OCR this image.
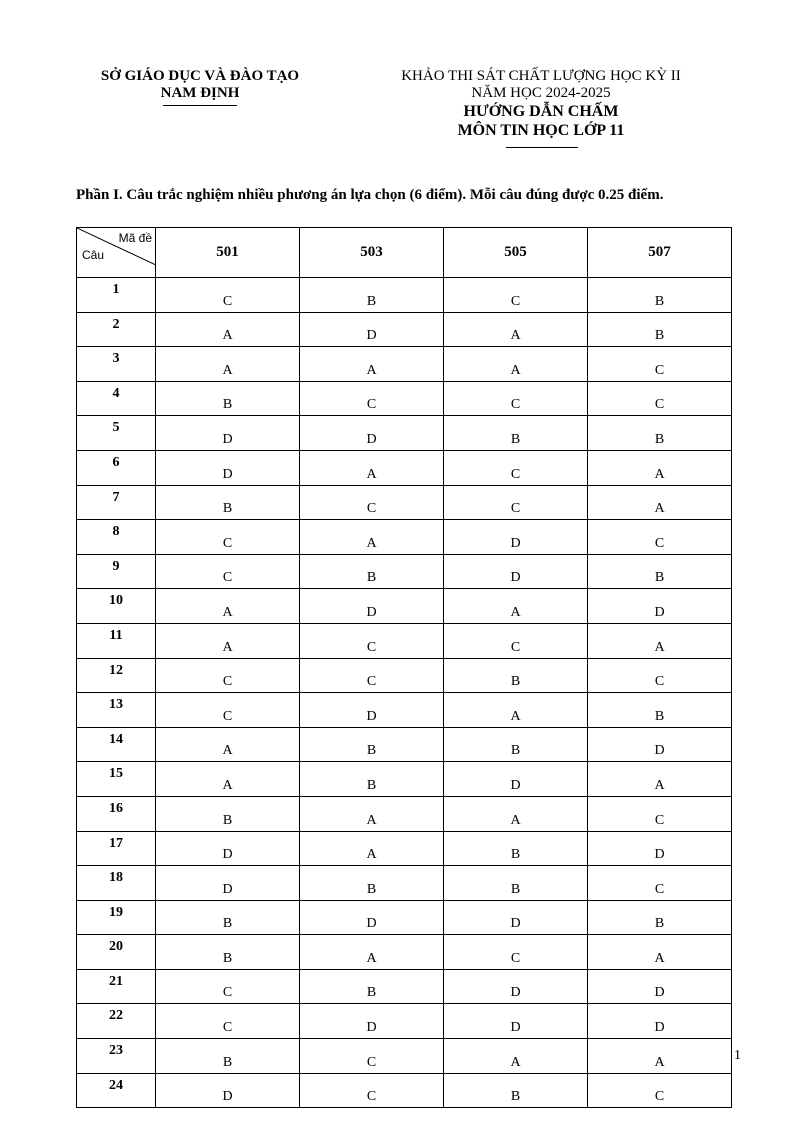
SỞ GIÁO DỤC VÀ ĐÀO TẠO
NAM ĐỊNH
KHẢO THI SÁT CHẤT LƯỢNG HỌC KỲ II
NĂM HỌC 2024-2025
HƯỚNG DẪN CHẤM
MÔN TIN HỌC LỚP 11
Phần I. Câu trắc nghiệm nhiều phương án lựa chọn (6 điểm). Mỗi câu đúng được 0.25 điểm.
Mã đề
Câu	501	503	505	507
1	C	B	C	B
2	A	D	A	B
3	A	A	A	C
4	B	C	C	C
5	D	D	B	B
6	D	A	C	A
7	B	C	C	A
8	C	A	D	C
9	C	B	D	B
10	A	D	A	D
11	A	C	C	A
12	C	C	B	C
13	C	D	A	B
14	A	B	B	D
15	A	B	D	A
16	B	A	A	C
17	D	A	B	D
18	D	B	B	C
19	B	D	D	B
20	B	A	C	A
21	C	B	D	D
22	C	D	D	D
23	B	C	A	A
24	D	C	B	C
1
